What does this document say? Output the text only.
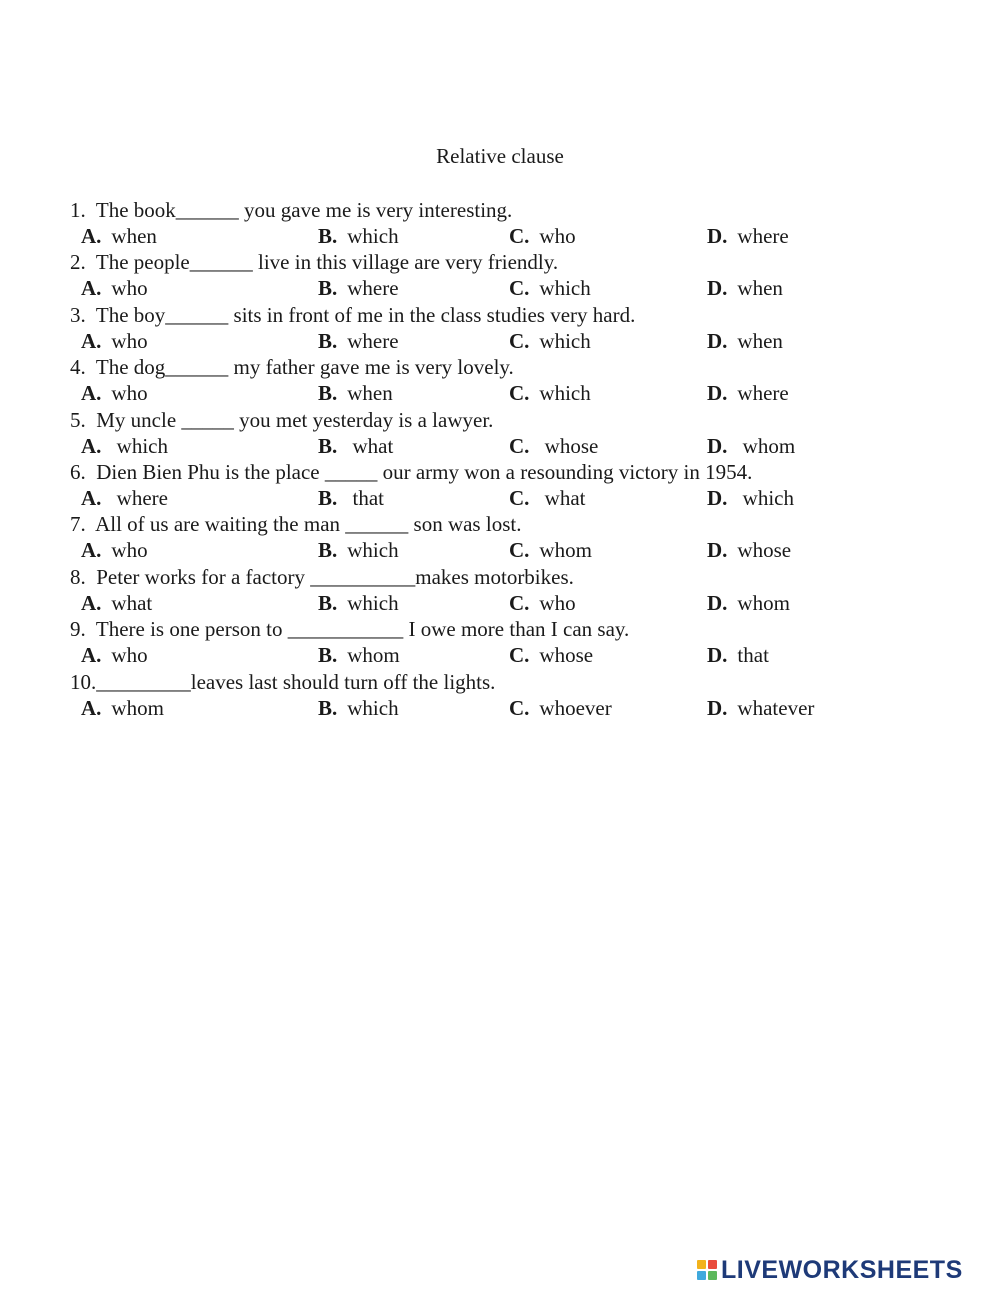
Relative clause
1.  The book______ you gave me is very interesting.
A. when	B. which	C. who	D. where
2.  The people______ live in this village are very friendly.
A. who	B. where	C. which	D. when
3.  The boy______ sits in front of me in the class studies very hard.
A. who	B. where	C. which	D. when
4.  The dog______ my father gave me is very lovely.
A. who	B. when	C. which	D. where
5.  My uncle _____ you met yesterday is a lawyer.
A. which	B. what	C. whose	D. whom
6.  Dien Bien Phu is the place _____ our army won a resounding victory in 1954.
A. where	B. that	C. what	D. which
7.  All of us are waiting the man ______ son was lost.
A. who	B. which	C. whom	D. whose
8.  Peter works for a factory __________makes motorbikes.
A. what	B. which	C. who	D. whom
9.  There is one person to ___________ I owe more than I can say.
A. who	B. whom	C. whose	D. that
10._________leaves last should turn off the lights.
A. whom	B. which	C. whoever	D. whatever
LIVEWORKSHEETS
